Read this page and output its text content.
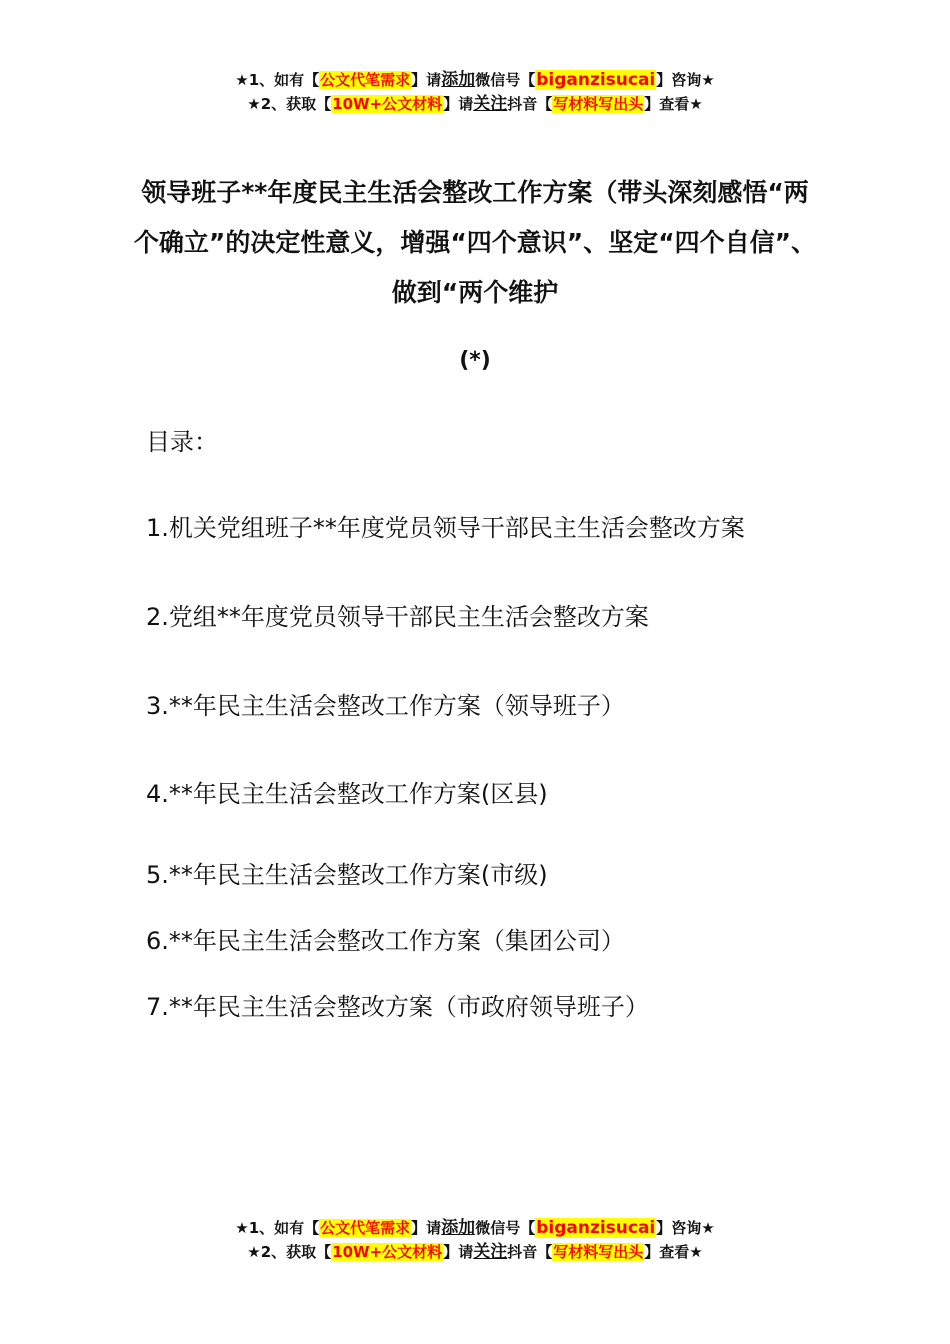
★1、如有【公文代笔需求】请添加微信号【biganzisucai】咨询★
★2、获取【10W+公文材料】请关注抖音【写材料写出头】查看★
领导班子**年度民主生活会整改工作方案（带头深刻感悟“两个确立”的决定性意义，增强“四个意识”、坚定“四个自信”、做到“两个维护
(*)
目录：
1.机关党组班子**年度党员领导干部民主生活会整改方案
2.党组**年度党员领导干部民主生活会整改方案
3.**年民主生活会整改工作方案（领导班子）
4.**年民主生活会整改工作方案(区县)
5.**年民主生活会整改工作方案(市级)
6.**年民主生活会整改工作方案（集团公司）
7.**年民主生活会整改方案（市政府领导班子）
★1、如有【公文代笔需求】请添加微信号【biganzisucai】咨询★
★2、获取【10W+公文材料】请关注抖音【写材料写出头】查看★
